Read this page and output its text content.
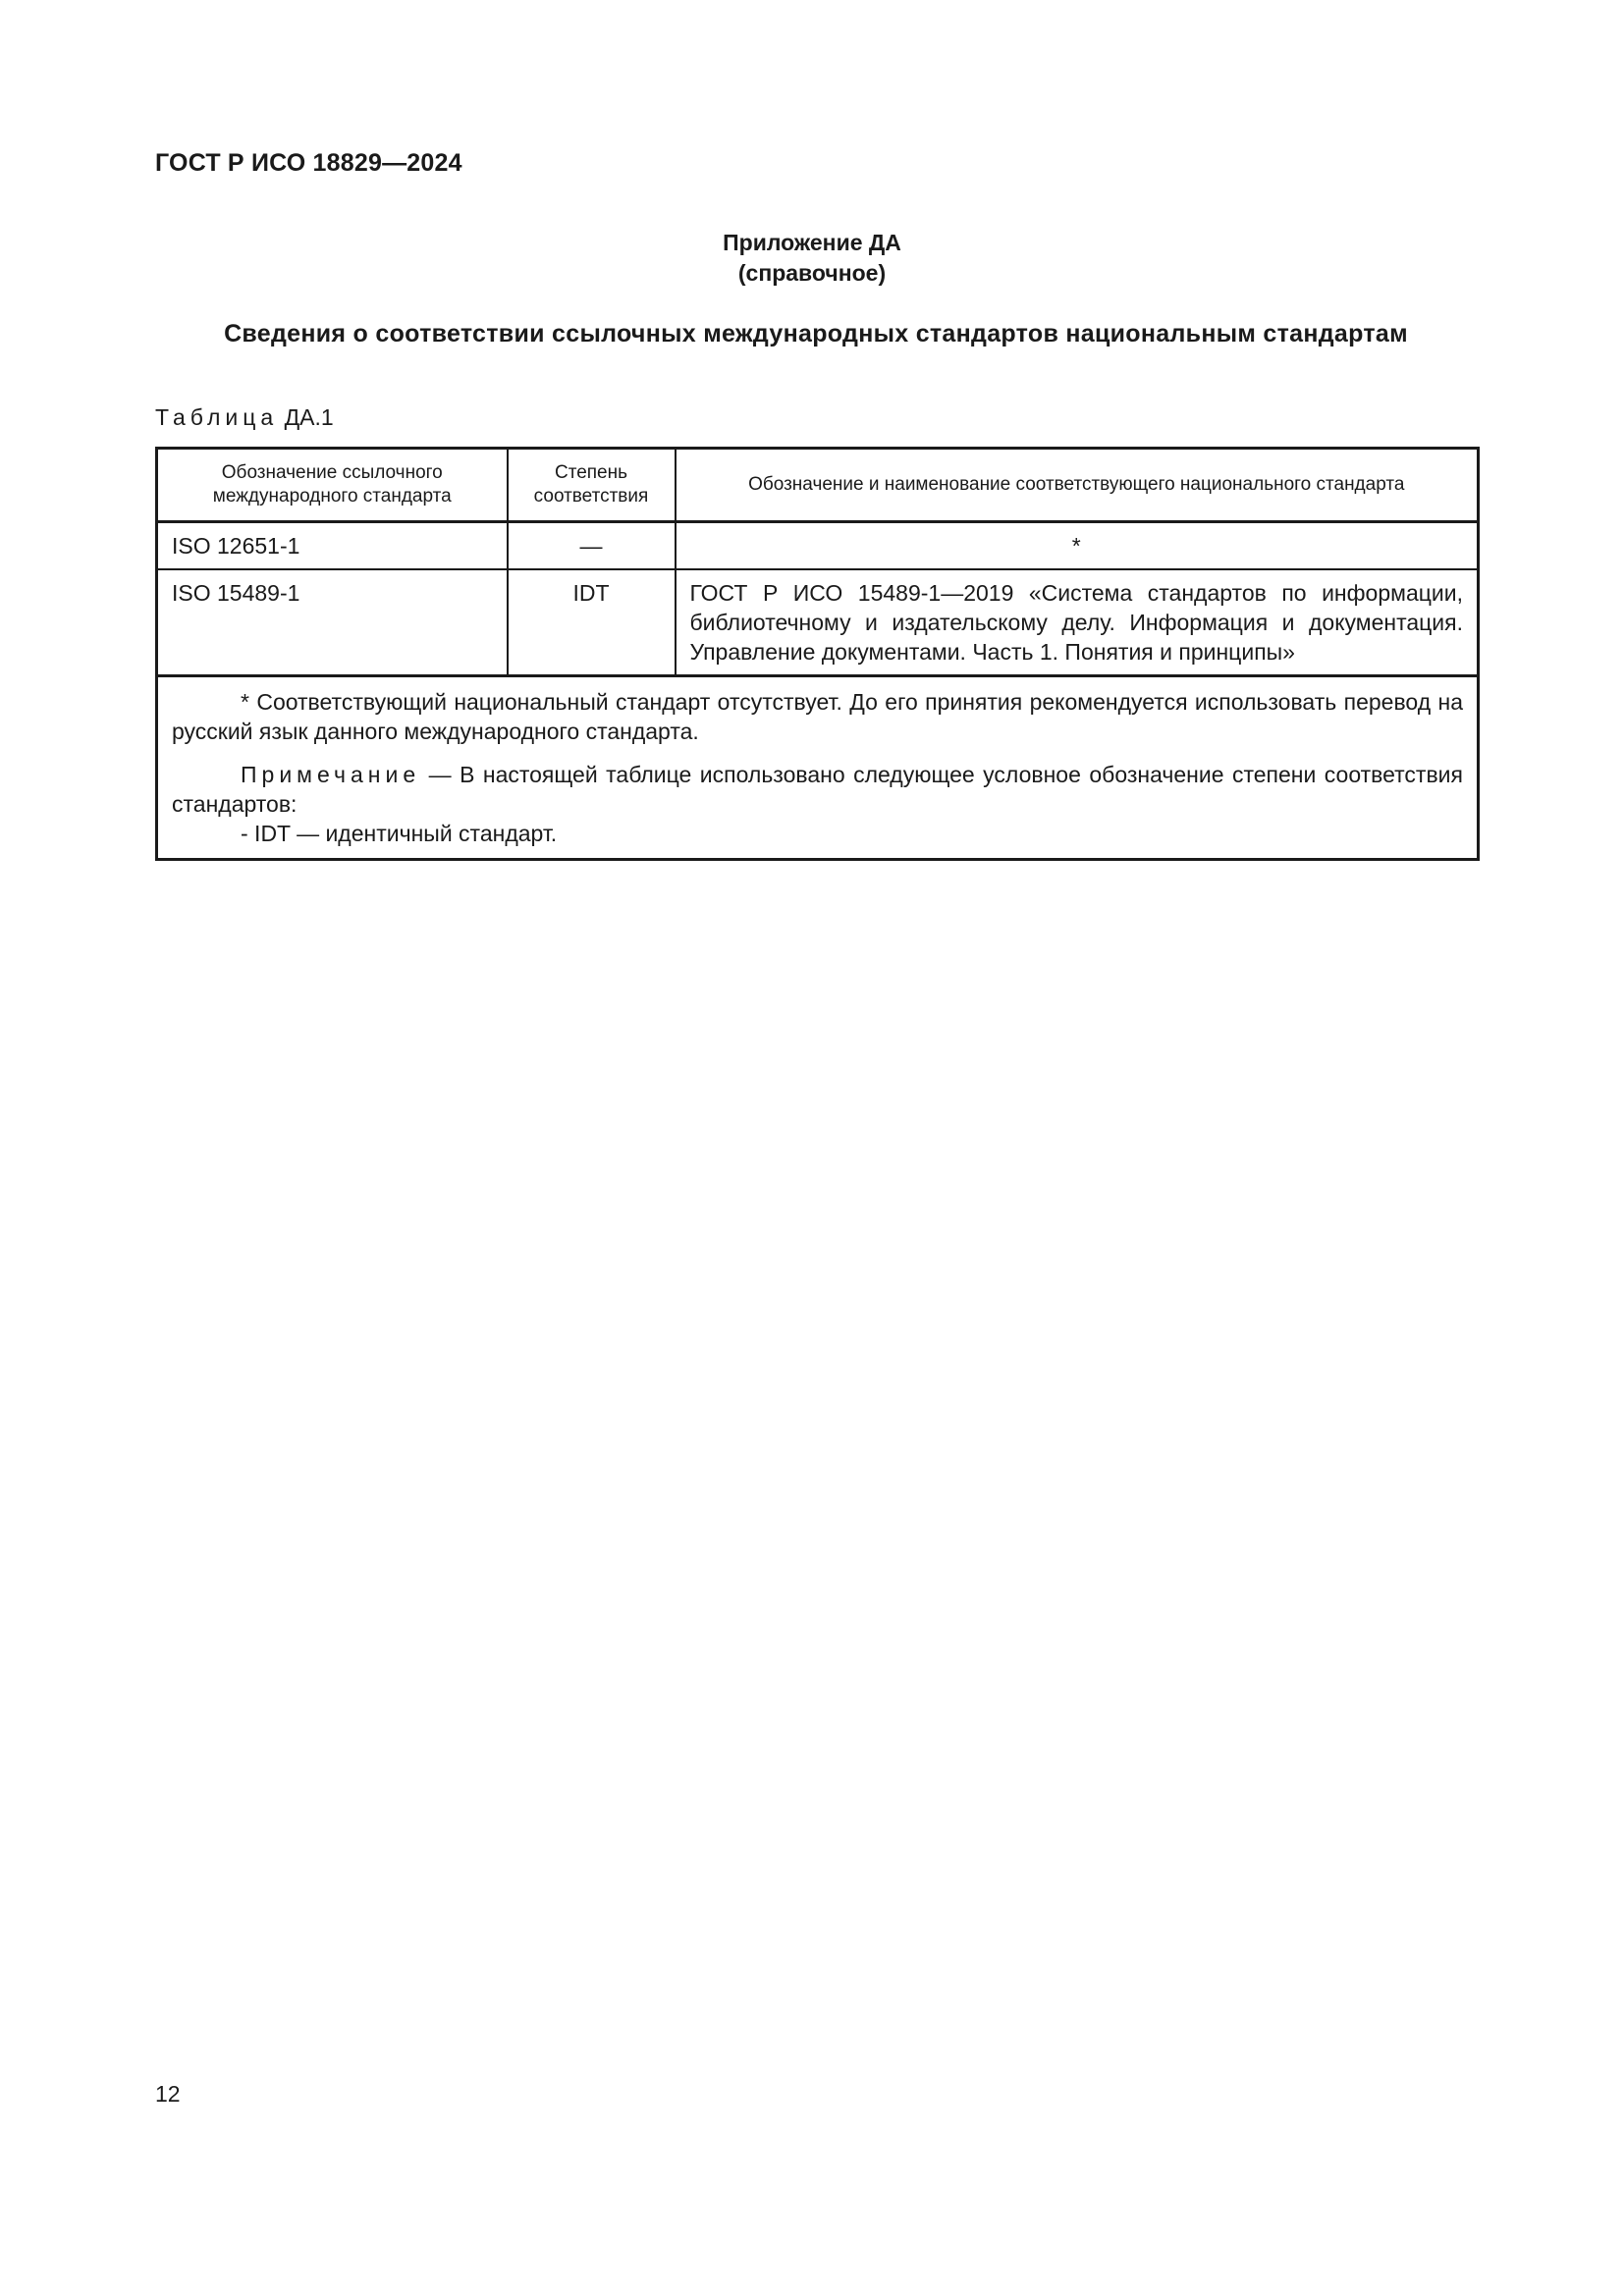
ГОСТ Р ИСО 18829—2024
Приложение ДА
(справочное)
Сведения о соответствии ссылочных международных стандартов национальным стандартам
Таблица ДА.1
Обозначение ссылочного международного стандарта	Степень соответствия	Обозначение и наименование соответствующего национального стандарта
ISO 12651-1	—	*
ISO 15489-1	IDT	ГОСТ Р ИСО 15489-1—2019 «Система стандартов по информации, библиотечному и издательскому делу. Информация и документация. Управление документами. Часть 1. Понятия и принципы»

* Соответствующий национальный стандарт отсутствует. До его принятия рекомендуется использовать перевод на русский язык данного международного стандарта.

Примечание — В настоящей таблице использовано следующее условное обозначение степени соответствия стандартов:

- IDT — идентичный стандарт.		

12
